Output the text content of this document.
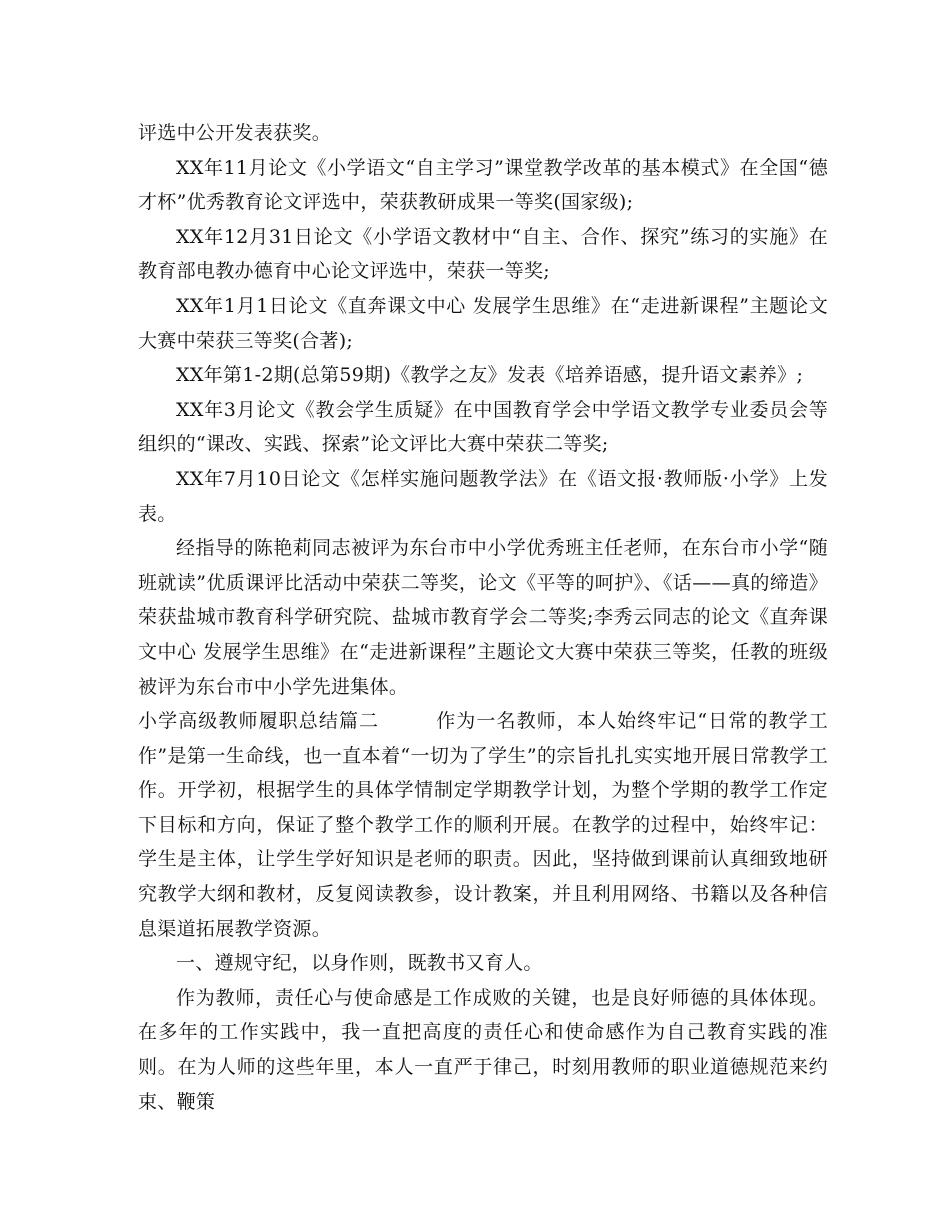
评选中公开发表获奖。

XX年11月论文《小学语文“自主学习”课堂教学改革的基本模式》在全国“德才杯”优秀教育论文评选中，荣获教研成果一等奖(国家级);

XX年12月31日论文《小学语文教材中“自主、合作、探究”练习的实施》在教育部电教办德育中心论文评选中，荣获一等奖;

XX年1月1日论文《直奔课文中心 发展学生思维》在“走进新课程”主题论文大赛中荣获三等奖(合著);

XX年第1-2期(总第59期)《教学之友》发表《培养语感，提升语文素养》;

XX年3月论文《教会学生质疑》在中国教育学会中学语文教学专业委员会等组织的“课改、实践、探索”论文评比大赛中荣获二等奖;

XX年7月10日论文《怎样实施问题教学法》在《语文报·教师版·小学》上发表。

经指导的陈艳莉同志被评为东台市中小学优秀班主任老师，在东台市小学“随班就读”优质课评比活动中荣获二等奖，论文《平等的呵护》、《话——真的缔造》荣获盐城市教育科学研究院、盐城市教育学会二等奖;李秀云同志的论文《直奔课文中心 发展学生思维》在“走进新课程”主题论文大赛中荣获三等奖，任教的班级被评为东台市中小学先进集体。

小学高级教师履职总结篇二        作为一名教师，本人始终牢记“日常的教学工作”是第一生命线，也一直本着“一切为了学生”的宗旨扎扎实实地开展日常教学工作。开学初，根据学生的具体学情制定学期教学计划，为整个学期的教学工作定下目标和方向，保证了整个教学工作的顺利开展。在教学的过程中，始终牢记：学生是主体，让学生学好知识是老师的职责。因此，坚持做到课前认真细致地研究教学大纲和教材，反复阅读教参，设计教案，并且利用网络、书籍以及各种信息渠道拓展教学资源。

一、遵规守纪，以身作则，既教书又育人。

作为教师，责任心与使命感是工作成败的关键，也是良好师德的具体体现。在多年的工作实践中，我一直把高度的责任心和使命感作为自己教育实践的准则。在为人师的这些年里，本人一直严于律己，时刻用教师的职业道德规范来约束、鞭策
